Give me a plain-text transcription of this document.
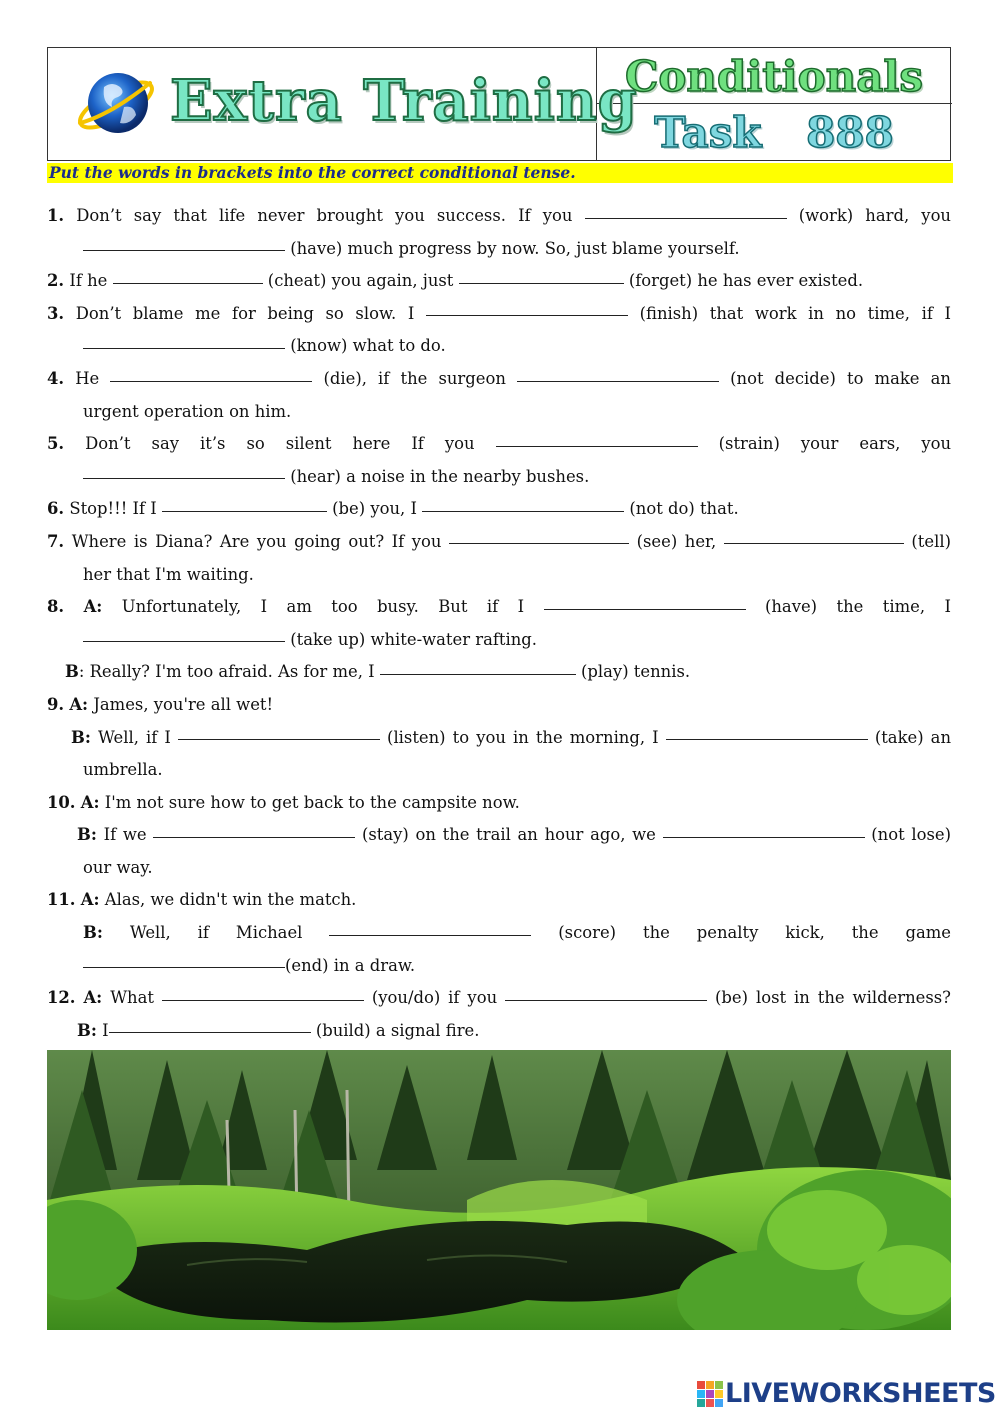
Extra Training
Conditionals
Task 888
Put the words in brackets into the correct conditional tense.
1. Don’t say that life never brought you success. If you	(work) hard, you
(have) much progress by now. So, just blame yourself.
2. If he	(cheat) you again, just	(forget) he has ever existed.
3. Don’t blame me for being so slow. I	(finish) that work in no time, if I
(know) what to do.
4. He	(die), if the surgeon	(not decide) to make an
urgent operation on him.
5. Don’t say it’s so silent here If you	(strain) your ears, you
(hear) a noise in the nearby bushes.
6. Stop!!! If I	(be) you, I	(not do) that.
7. Where is Diana? Are you going out? If you	(see) her,	(tell)
her that I'm waiting.
8. A: Unfortunately, I am too busy. But if I	(have) the time, I
(take up) white-water rafting.
B: Really? I'm too afraid. As for me, I	(play) tennis.
9. A: James, you're all wet!
B: Well, if I	(listen) to you in the morning, I	(take) an
umbrella.
10. A: I'm not sure how to get back to the campsite now.
B: If we	(stay) on the trail an hour ago, we	(not lose)
our way.
11. A: Alas, we didn't win the match.
B: Well, if Michael	(score) the penalty kick, the game
(end) in a draw.
12. A: What	(you/do) if you	(be) lost in the wilderness?
B: I	(build) a signal fire.
LIVEWORKSHEETS
